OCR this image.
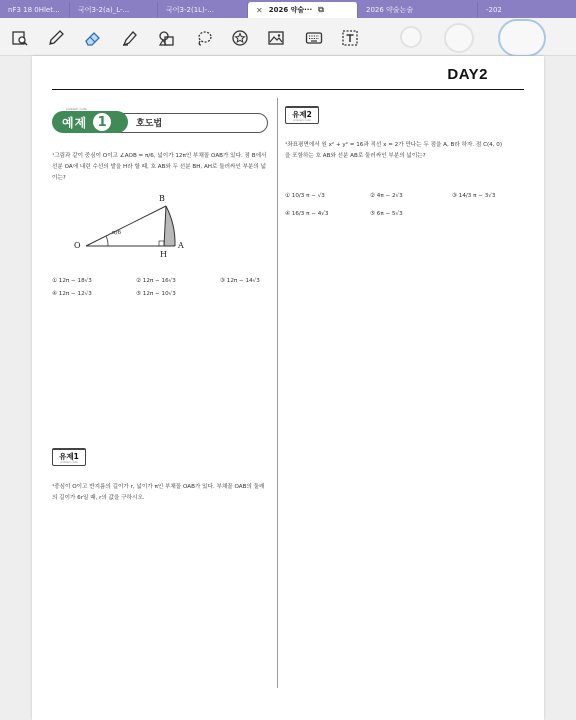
nF3 18 0Hlet...	국어3-2(a)_L-...	국어3-2(1L)-...	✕ 2026 약술··· ⧉	2026 약술논술	-202
DAY2
problem code
예제 1	호도법
¹그림과 같이 중심이 O이고 ∠AOB = π/6, 넓이가 12π인 부채꼴 OAB가 있다. 점 B에서 선분 OA에 내린 수선의 발을 H라 할 때, 호 AB와 두 선분 BH, AH로 둘러싸인 부분의 넓이는?
B
O	A
H
π/6
① 12π − 18√3	② 12π − 16√3	③ 12π − 14√3
④ 12π − 12√3	⑤ 12π − 10√3
유제2
problem code
¹좌표평면에서 원 x² + y² = 16과 직선 x = 2가 만나는 두 점을 A, B라 하자. 점 C(4, 0)을 포함하는 호 AB와 선분 AB로 둘러싸인 부분의 넓이는?
① 10/3 π − √3	② 4π − 2√3	③ 14/3 π − 3√3
④ 16/3 π − 4√3	⑤ 6π − 5√3
유제1
problem code
¹중심이 O이고 반지름의 길이가 r, 넓이가 π인 부채꼴 OAB가 있다. 부채꼴 OAB의 둘레의 길이가 6r일 때, r의 값을 구하시오.
